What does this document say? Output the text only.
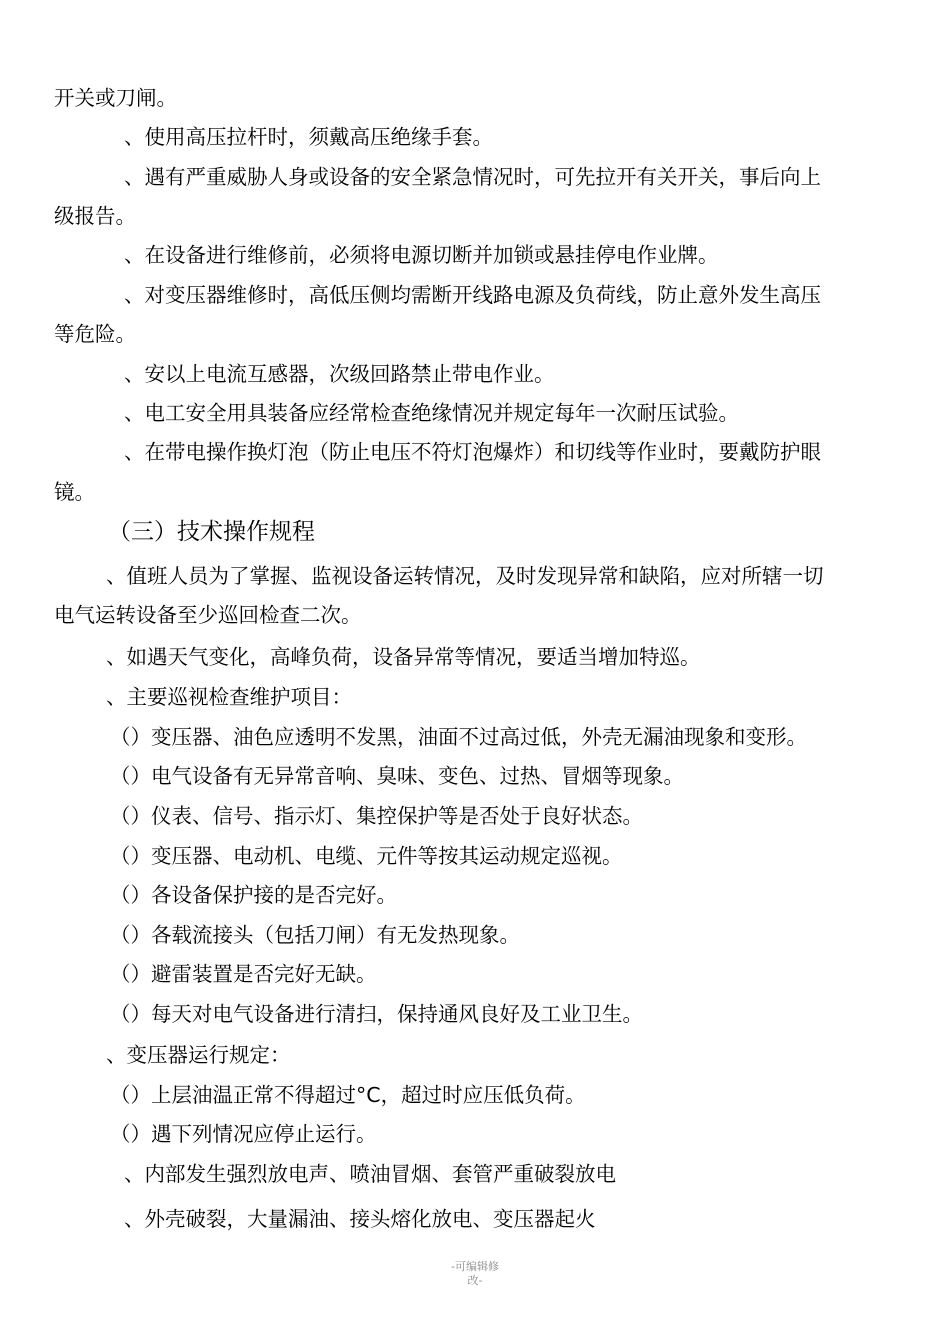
开关或刀闸。
、使用高压拉杆时，须戴高压绝缘手套。
、遇有严重威胁人身或设备的安全紧急情况时，可先拉开有关开关，事后向上
级报告。
、在设备进行维修前，必须将电源切断并加锁或悬挂停电作业牌。
、对变压器维修时，高低压侧均需断开线路电源及负荷线，防止意外发生高压
等危险。
、安以上电流互感器，次级回路禁止带电作业。
、电工安全用具装备应经常检查绝缘情况并规定每年一次耐压试验。
、在带电操作换灯泡（防止电压不符灯泡爆炸）和切线等作业时，要戴防护眼
镜。
（三）技术操作规程
、值班人员为了掌握、监视设备运转情况，及时发现异常和缺陷，应对所辖一切
电气运转设备至少巡回检查二次。
、如遇天气变化，高峰负荷，设备异常等情况，要适当增加特巡。
、主要巡视检查维护项目：
（）变压器、油色应透明不发黑，油面不过高过低，外壳无漏油现象和变形。
（）电气设备有无异常音响、臭味、变色、过热、冒烟等现象。
（）仪表、信号、指示灯、集控保护等是否处于良好状态。
（）变压器、电动机、电缆、元件等按其运动规定巡视。
（）各设备保护接的是否完好。
（）各载流接头（包括刀闸）有无发热现象。
（）避雷装置是否完好无缺。
（）每天对电气设备进行清扫，保持通风良好及工业卫生。
、变压器运行规定：
（）上层油温正常不得超过°C，超过时应压低负荷。
（）遇下列情况应停止运行。
、内部发生强烈放电声、喷油冒烟、套管严重破裂放电
、外壳破裂，大量漏油、接头熔化放电、变压器起火
-可编辑修
改-
